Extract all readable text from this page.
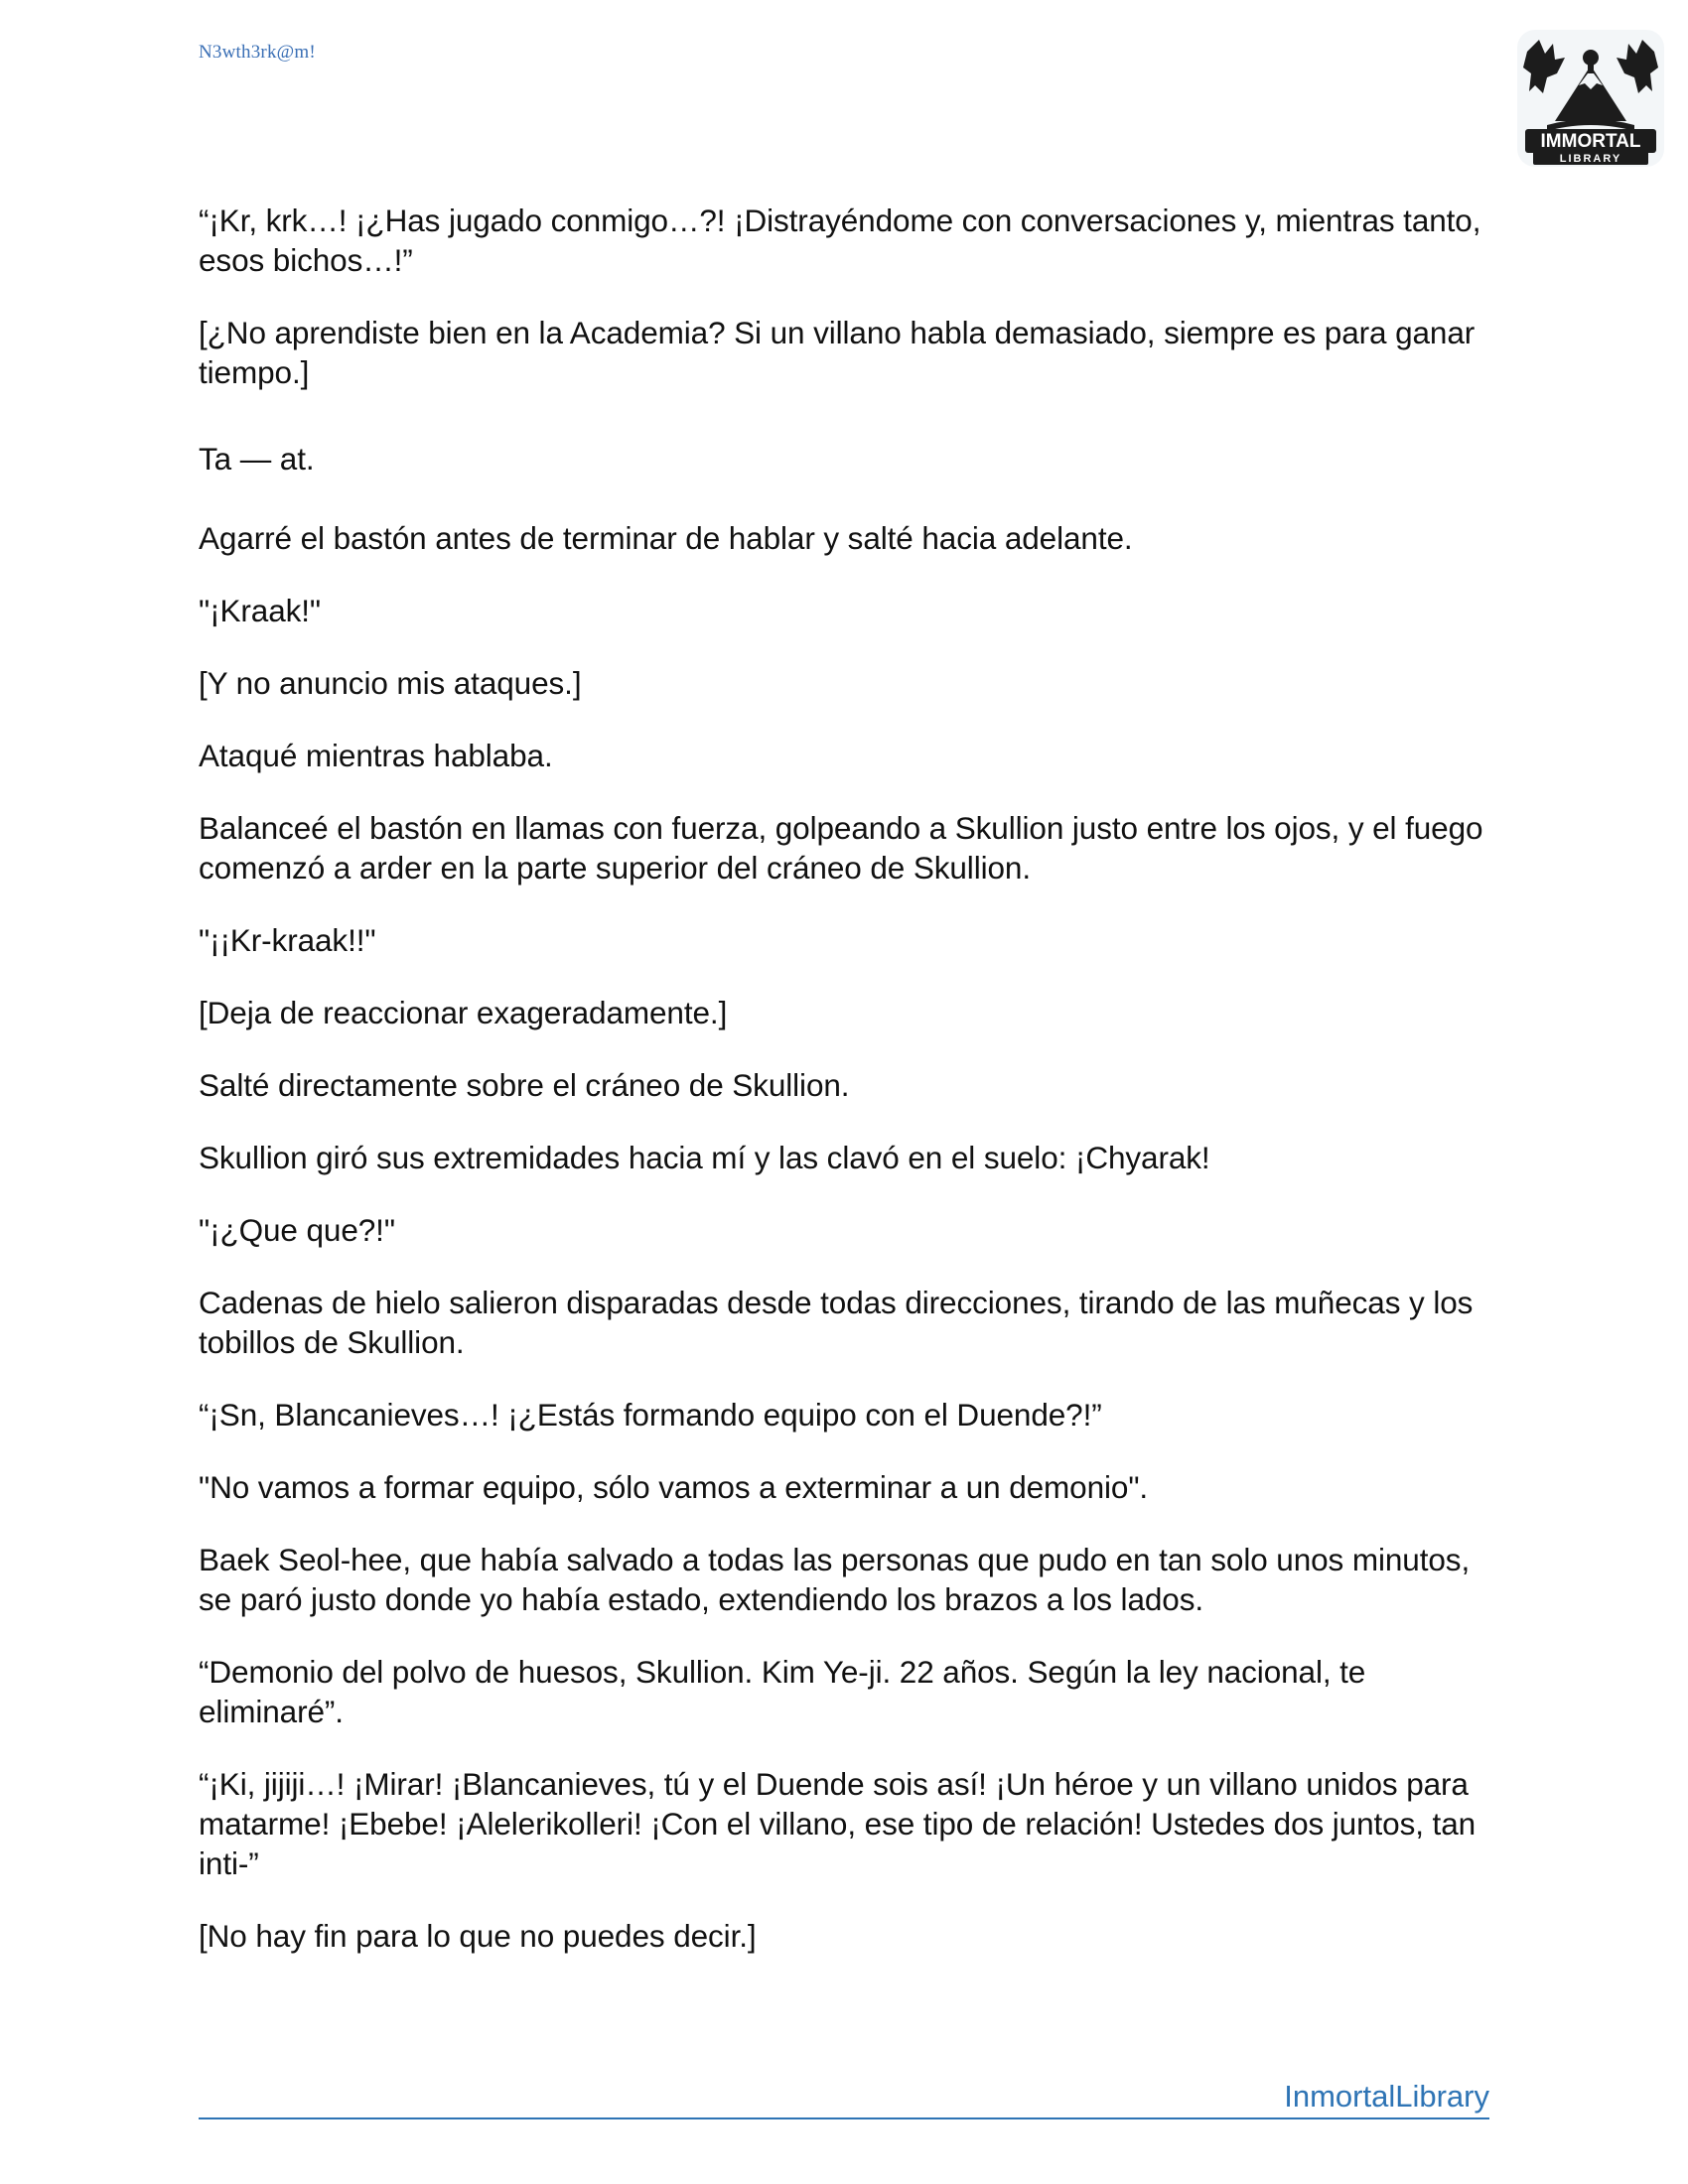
N3wth3rk@m!
IMMORTAL
LIBRARY

“¡Kr, krk…! ¡¿Has jugado conmigo…?! ¡Distrayéndome con conversaciones y, mientras tanto, esos bichos…!”

[¿No aprendiste bien en la Academia? Si un villano habla demasiado, siempre es para ganar tiempo.]

Ta — at.

Agarré el bastón antes de terminar de hablar y salté hacia adelante.

"¡Kraak!"

[Y no anuncio mis ataques.]

Ataqué mientras hablaba.

Balanceé el bastón en llamas con fuerza, golpeando a Skullion justo entre los ojos, y el fuego comenzó a arder en la parte superior del cráneo de Skullion.

"¡¡Kr-kraak!!"

[Deja de reaccionar exageradamente.]

Salté directamente sobre el cráneo de Skullion.

Skullion giró sus extremidades hacia mí y las clavó en el suelo: ¡Chyarak!

"¡¿Que que?!"

Cadenas de hielo salieron disparadas desde todas direcciones, tirando de las muñecas y los tobillos de Skullion.

“¡Sn, Blancanieves…! ¡¿Estás formando equipo con el Duende?!”

"No vamos a formar equipo, sólo vamos a exterminar a un demonio".

Baek Seol-hee, que había salvado a todas las personas que pudo en tan solo unos minutos, se paró justo donde yo había estado, extendiendo los brazos a los lados.

“Demonio del polvo de huesos, Skullion. Kim Ye-ji. 22 años. Según la ley nacional, te eliminaré”.

“¡Ki, jijiji…! ¡Mirar! ¡Blancanieves, tú y el Duende sois así! ¡Un héroe y un villano unidos para matarme! ¡Ebebe! ¡Alelerikolleri! ¡Con el villano, ese tipo de relación! Ustedes dos juntos, tan inti-”

[No hay fin para lo que no puedes decir.]

InmortalLibrary
